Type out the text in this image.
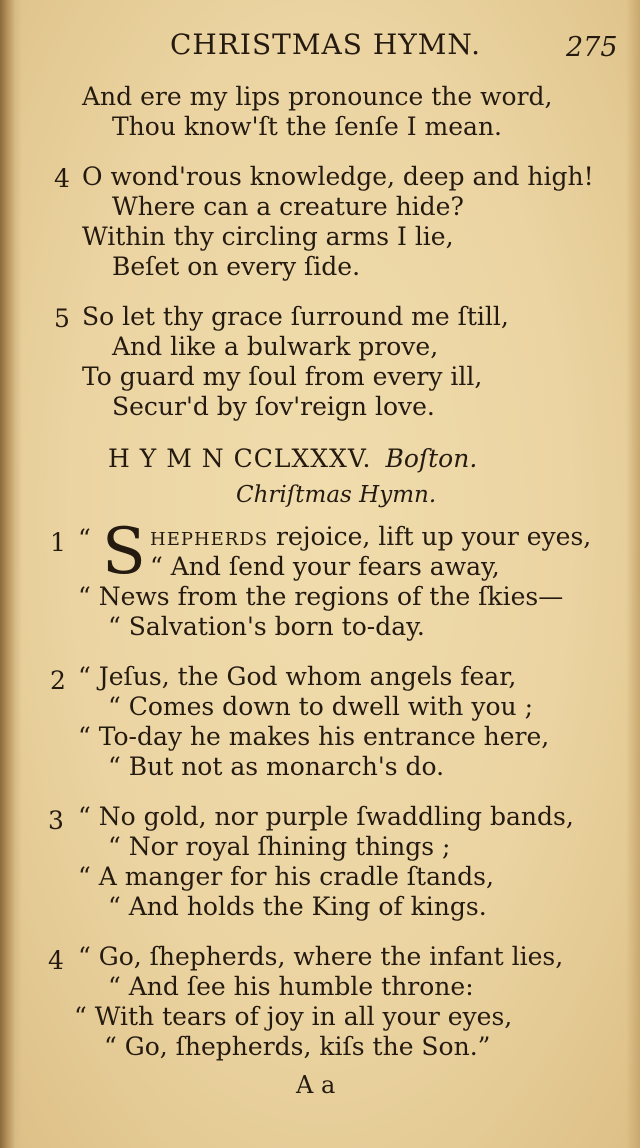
CHRISTMAS HYMN.	275
And ere my lips pronounce the word,
Thou know'ſt the ſenſe I mean.
4 O wond'rous knowledge, deep and high!
Where can a creature hide?
Within thy circling arms I lie,
Beſet on every ſide.
5 So let thy grace ſurround me ſtill,
And like a bulwark prove,
To guard my ſoul from every ill,
Secur'd by ſov'reign love.
H Y M N CCLXXXV. Boſton.
Chriſtmas Hymn.
1 “ S hepherds rejoice, lift up your eyes,
“ And ſend your fears away,
“ News from the regions of the ſkies—
“ Salvation's born to-day.
2 “ Jeſus, the God whom angels fear,
“ Comes down to dwell with you ;
“ To-day he makes his entrance here,
“ But not as monarch's do.
3 “ No gold, nor purple ſwaddling bands,
“ Nor royal ſhining things ;
“ A manger for his cradle ſtands,
“ And holds the King of kings.
4 “ Go, ſhepherds, where the infant lies,
“ And ſee his humble throne:
“ With tears of joy in all your eyes,
“ Go, ſhepherds, kiſs the Son.”
A a
